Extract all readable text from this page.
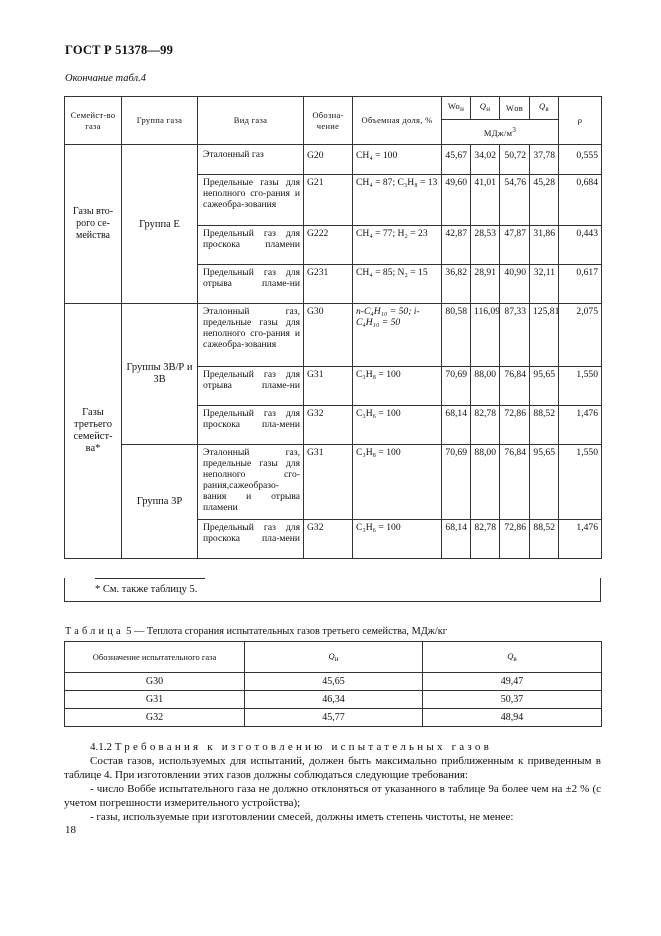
ГОСТ Р 51378—99
Окончание табл.4
Семейст-во газа	Группа газа	Вид газа	Обозна-чение	Объемная доля, %	$Wo_н$	$Q_н$	Wов	$Q_в$	ρ
					МДж/$м^3$
Газы вто-рого се-мейства	Группа Е	Эталонный газ	G20	CH₄ = 100	45,67	34,02	50,72	37,78	0,555
		Предельные газы для неполного сго-рания и сажеобра-зования	G21	CH₄ = 87; C₃H₈ = 13	49,60	41,01	54,76	45,28	0,684
		Предельный газ для проскока пламени	G222	CH₄ = 77; H₂ = 23	42,87	28,53	47,87	31,86	0,443
		Предельный газ для отрыва пламе-ни	G231	CH₄ = 85; N₂ = 15	36,82	28,91	40,90	32,11	0,617
Газы третьего семейст-ва*	Группы 3В/Р и 3В	Эталонный газ, предельные газы для неполного сго-рания и сажеобра-зования	G30	n-C₄H₁₀ = 50; i-C₄H₁₀ = 50	80,58	116,09	87,33	125,81	2,075
		Предельный газ для отрыва пламе-ни	G31	C₃H₈ = 100	70,69	88,00	76,84	95,65	1,550
		Предельный газ для проскока пла-мени	G32	C₃H₆ = 100	68,14	82,78	72,86	88,52	1,476
	Группа 3Р	Эталонный газ, предельные газы для неполного сго-рания,сажеобразо-вания и отрыва пламени	G31	C₃H₈ = 100	70,69	88,00	76,84	95,65	1,550
		Предельный газ для проскока пла-мени	G32	C₃H₆ = 100	68,14	82,78	72,86	88,52	1,476
* См. также таблицу 5.
Таблица 5 — Теплота сгорания испытательных газов третьего семейства, МДж/кг
Обозначение испытательного газа	$Q_н$	$Q_в$
G30	45,65	49,47
G31	46,34	50,37
G32	45,77	48,94
4.1.2 Требования к изготовлению испытательных газов
Состав газов, используемых для испытаний, должен быть максимально приближенным к приведенным в таблице 4. При изготовлении этих газов должны соблюдаться следующие требования:
- число Воббе испытательного газа не должно отклоняться от указанного в таблице 9а более чем на ±2 % (с учетом погрешности измерительного устройства);
- газы, используемые при изготовлении смесей, должны иметь степень чистоты, не менее:
18
